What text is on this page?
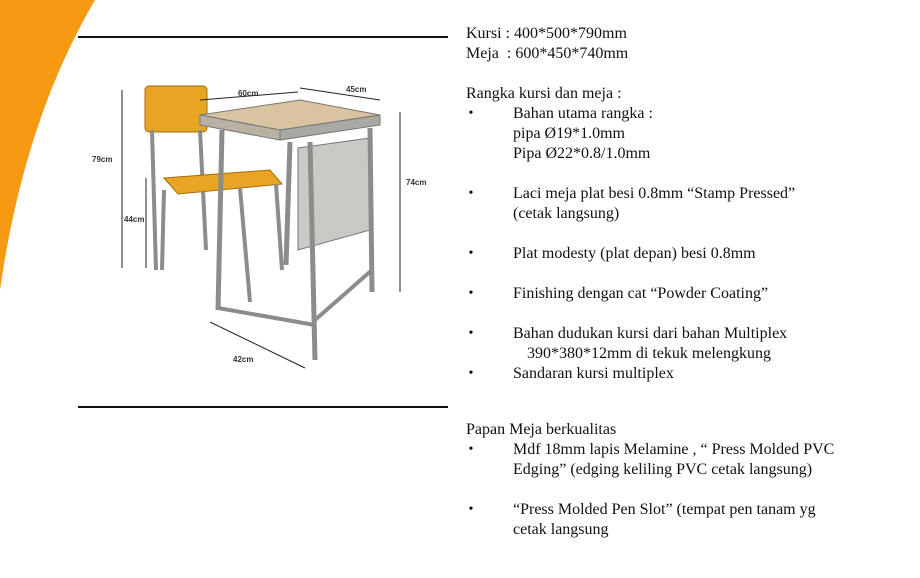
79cm
44cm
74cm
60cm	45cm
42cm
Kursi : 400*500*790mm
Meja  : 600*450*740mm
Rangka kursi dan meja :
• Bahan utama rangka :
pipa Ø19*1.0mm
Pipa Ø22*0.8/1.0mm
• Laci meja plat besi 0.8mm “Stamp Pressed”
(cetak langsung)
• Plat modesty (plat depan) besi 0.8mm
• Finishing dengan cat “Powder Coating”
• Bahan dudukan kursi dari bahan Multiplex
390*380*12mm di tekuk melengkung
• Sandaran kursi multiplex
Papan Meja berkualitas
• Mdf 18mm lapis Melamine , “ Press Molded PVC
Edging” (edging keliling PVC cetak langsung)
• “Press Molded Pen Slot” (tempat pen tanam yg
cetak langsung
